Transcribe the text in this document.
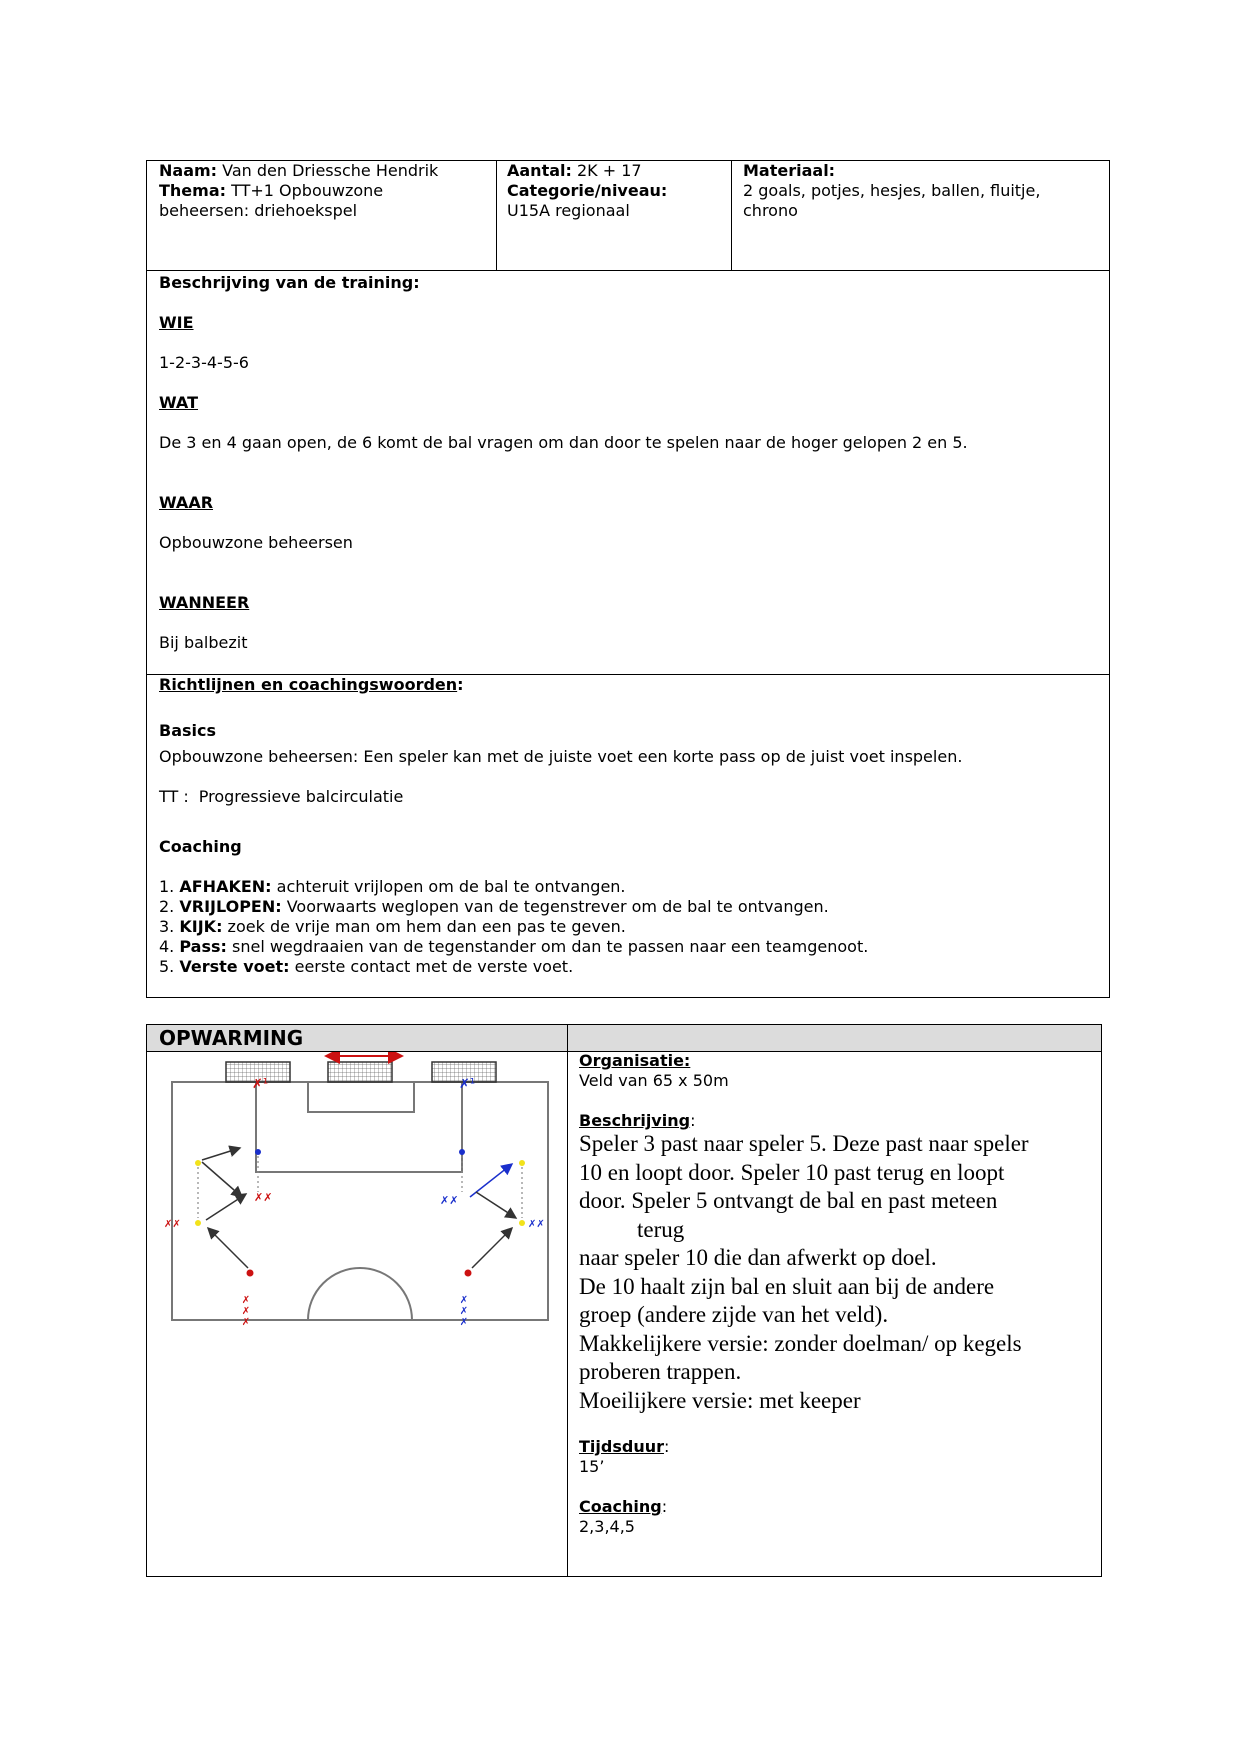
Naam: Van den Driessche Hendrik
Thema: TT+1 Opbouwzone
beheersen: driehoekspel
Aantal: 2K + 17
Categorie/niveau:
U15A regionaal
Materiaal:
2 goals, potjes, hesjes, ballen, fluitje,
chrono
Beschrijving van de training:
WIE
1-2-3-4-5-6
WAT
De 3 en 4 gaan open, de 6 komt de bal vragen om dan door te spelen naar de hoger gelopen 2 en 5.
WAAR
Opbouwzone beheersen
WANNEER
Bij balbezit
Richtlijnen en coachingswoorden:
Basics
Opbouwzone beheersen: Een speler kan met de juiste voet een korte pass op de juist voet inspelen.
TT : Progressieve balcirculatie
Coaching
1. AFHAKEN: achteruit vrijlopen om de bal te ontvangen.
2. VRIJLOPEN: Voorwaarts weglopen van de tegenstrever om de bal te ontvangen.
3. KIJK: zoek de vrije man om hem dan een pas te geven.
4. Pass: snel wegdraaien van de tegenstander om dan te passen naar een teamgenoot.
5. Verste voet: eerste contact met de verste voet.
OPWARMING
Organisatie:
Veld van 65 x 50m
Beschrijving:
Speler 3 past naar speler 5. Deze past naar speler
10 en loopt door. Speler 10 past terug en loopt
door. Speler 5 ontvangt de bal en past meteen
terug
naar speler 10 die dan afwerkt op doel.
De 10 haalt zijn bal en sluit aan bij de andere
groep (andere zijde van het veld).
Makkelijkere versie: zonder doelman/ op kegels
proberen trappen.
Moeilijkere versie: met keeper
Tijdsduur:
15’
Coaching:
2,3,4,5
✗¹	✗¹
✗✗
✗✗
✗✗✗
✗✗
✗✗
✗✗✗
